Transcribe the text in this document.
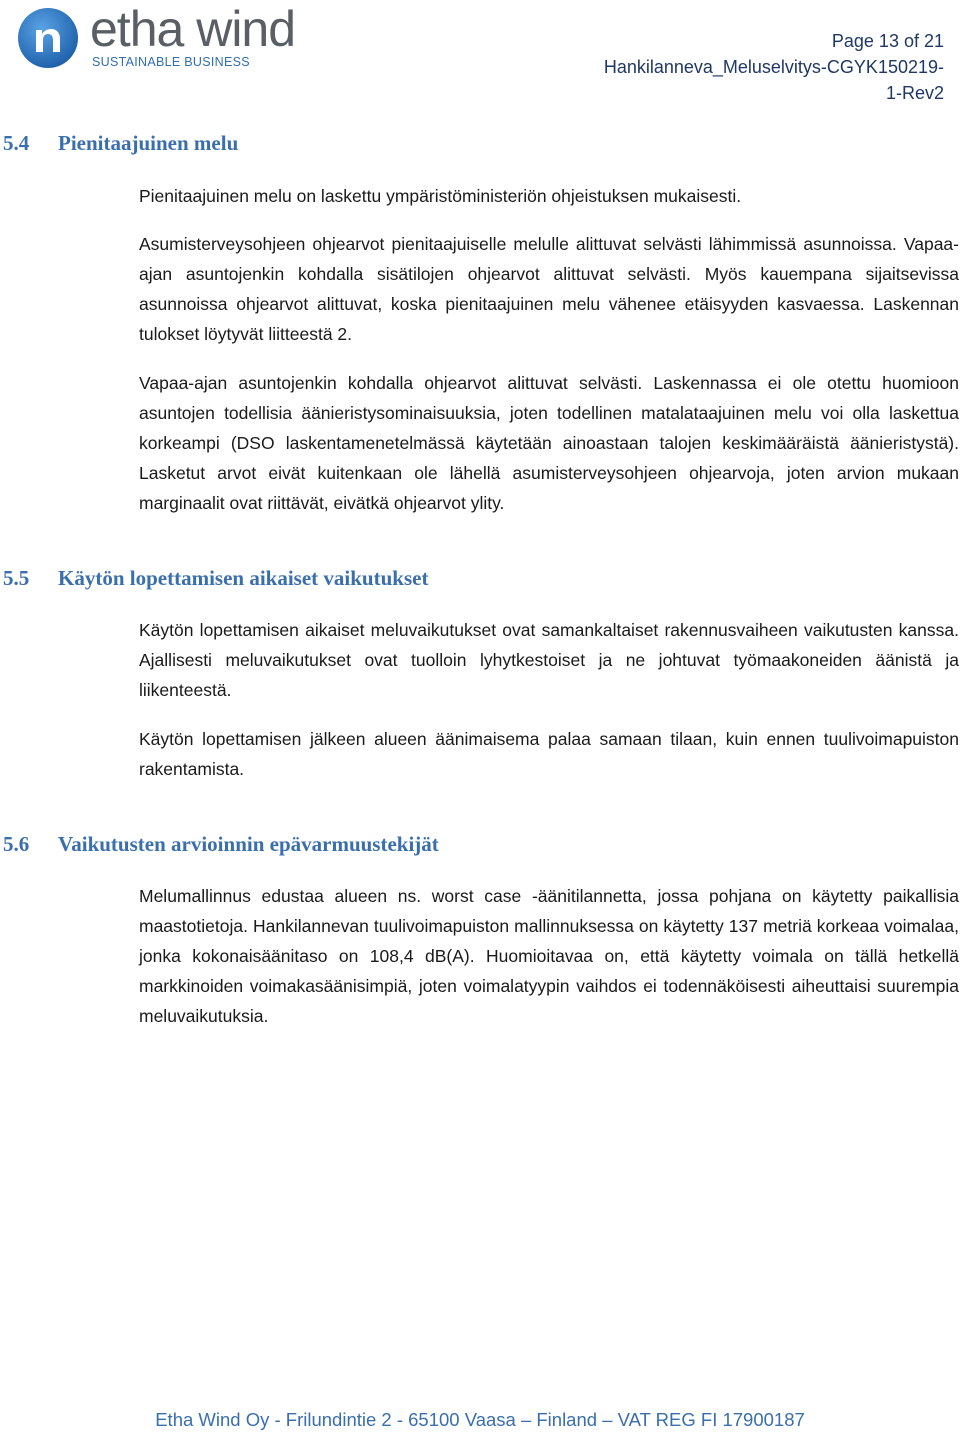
etha wind
SUSTAINABLE BUSINESS
Page 13 of 21
Hankilanneva_Meluselvitys-CGYK150219-
1-Rev2
5.4 Pienitaajuinen melu
Pienitaajuinen melu on laskettu ympäristöministeriön ohjeistuksen mukaisesti.
Asumisterveysohjeen ohjearvot pienitaajuiselle melulle alittuvat selvästi lähimmissä asunnoissa. Vapaa-ajan asuntojenkin kohdalla sisätilojen ohjearvot alittuvat selvästi. Myös kauempana sijaitsevissa asunnoissa ohjearvot alittuvat, koska pienitaajuinen melu vähenee etäisyyden kasvaessa. Laskennan tulokset löytyvät liitteestä 2.
Vapaa-ajan asuntojenkin kohdalla ohjearvot alittuvat selvästi. Laskennassa ei ole otettu huomioon asuntojen todellisia äänieristysominaisuuksia, joten todellinen matalataajuinen melu voi olla laskettua korkeampi (DSO laskentamenetelmässä käytetään ainoastaan talojen keskimääräistä äänieristystä). Lasketut arvot eivät kuitenkaan ole lähellä asumisterveysohjeen ohjearvoja, joten arvion mukaan marginaalit ovat riittävät, eivätkä ohjearvot ylity.
5.5 Käytön lopettamisen aikaiset vaikutukset
Käytön lopettamisen aikaiset meluvaikutukset ovat samankaltaiset rakennusvaiheen vaikutusten kanssa. Ajallisesti meluvaikutukset ovat tuolloin lyhytkestoiset ja ne johtuvat työmaakoneiden äänistä ja liikenteestä.
Käytön lopettamisen jälkeen alueen äänimaisema palaa samaan tilaan, kuin ennen tuulivoimapuiston rakentamista.
5.6 Vaikutusten arvioinnin epävarmuustekijät
Melumallinnus edustaa alueen ns. worst case -äänitilannetta, jossa pohjana on käytetty paikallisia maastotietoja. Hankilannevan tuulivoimapuiston mallinnuksessa on käytetty 137 metriä korkeaa voimalaa, jonka kokonaisäänitaso on 108,4 dB(A). Huomioitavaa on, että käytetty voimala on tällä hetkellä markkinoiden voimakasäänisimpiä, joten voimalatyypin vaihdos ei todennäköisesti aiheuttaisi suurempia meluvaikutuksia.
Etha Wind Oy - Frilundintie 2 - 65100 Vaasa – Finland – VAT REG FI 17900187
